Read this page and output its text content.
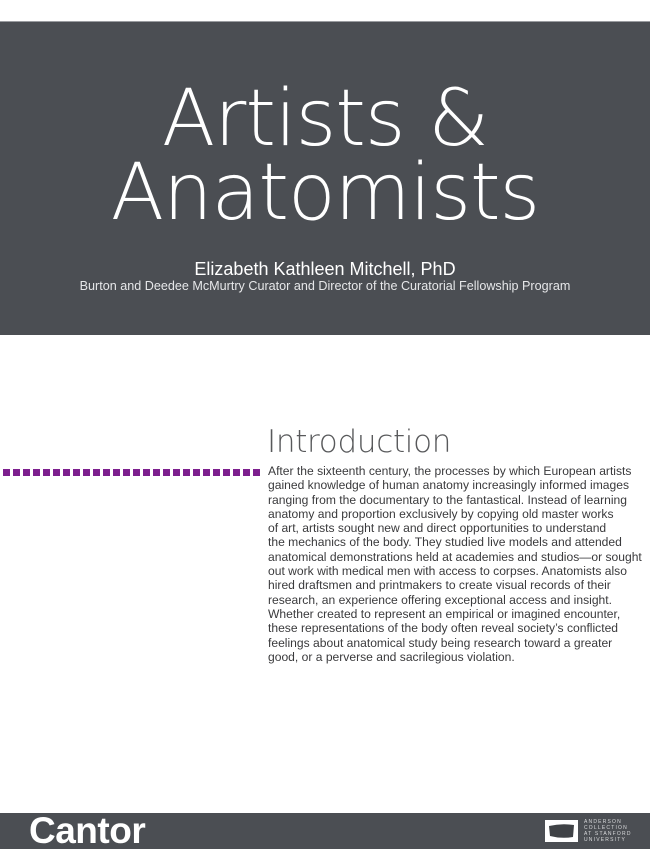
Artists &
Anatomists
Elizabeth Kathleen Mitchell, PhD
Burton and Deedee McMurtry Curator and Director of the Curatorial Fellowship Program
Introduction
After the sixteenth century, the processes by which European artists
gained knowledge of human anatomy increasingly informed images
ranging from the documentary to the fantastical. Instead of learning
anatomy and proportion exclusively by copying old master works
of art, artists sought new and direct opportunities to understand
the mechanics of the body. They studied live models and attended
anatomical demonstrations held at academies and studios—or sought
out work with medical men with access to corpses. Anatomists also
hired draftsmen and printmakers to create visual records of their
research, an experience offering exceptional access and insight.
Whether created to represent an empirical or imagined encounter,
these representations of the body often reveal society’s conflicted
feelings about anatomical study being research toward a greater
good, or a perverse and sacrilegious violation.
Cantor	ANDERSON
COLLECTION
AT STANFORD
UNIVERSITY
